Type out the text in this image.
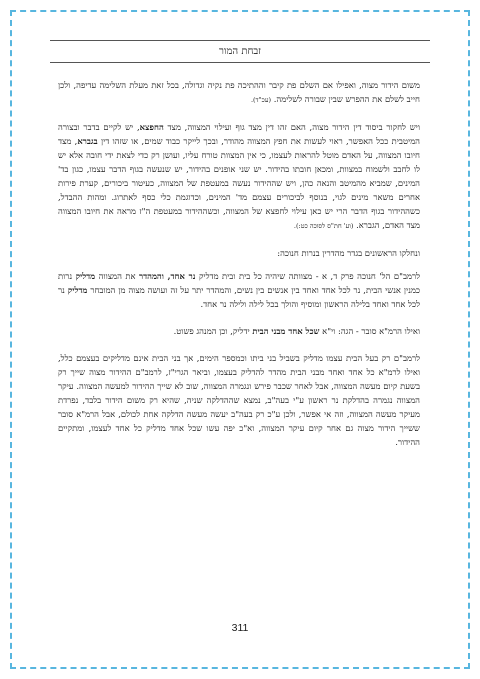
זבחת המור

משום הידור מצוה, ואפילו אם השלם פת קיבר וההתיכה פת נקיה וגדולה, בכל זאת מעלת השלימה עדיפה, ולכן חייב לשלם את ההפרש שבין שבורה לשלימה. (עכ"ד).

ויש לחקור ביסוד דין הידור מצוה, האם זהו דין מצד גוף ועילוי המצווה, מצד החפצא, יש לקיים בדבר ובצורה המיטבית ככל האפשר, ראוי לעשות את חפץ המצווה מהודר, ובכך לייקר כבוד שמים, או שזהו דין בגברא, מצד חיובו המצווה, על האדם מוטל להראות לעצמו, כי אין המצוות טורח עליו, ועושן רק כדי לצאת ידי חובה אלא יש לו לחבב ולשמוח במצוות, ומכאן חובתו בהידור. יש שני אופנים בהידור, יש שנעשה בגוף הדבר עצמו, כגון בד' המינים, שמביא מהמיטב והנאה כהן, ויש שההידור נעשה במעטפת של המצווה, כעיטור ביכורים, קערת פירות אחרים משאר מינים לגוי, בנוסף לביכורים עצמם מד' המינים, וכדוגמת כלי כסף לאתרוג. ומהות ההבדל, כשההידור בגוף הדבר הרי יש כאן עילוי לחפצא של המצווה, וכשההידור במעטפת ה"ז מראה את חיובו המצווה מצד האדם, הגברא. (וע' חת"ס לסוכה כט:).

ונחלקו הראשונים בגדר מהדרין בנרות חנוכה:

לרמב"ם הל' חנוכה פרק ד, א - מצוותה שיהיה כל בית ובית מדליק נר אחד, והמהדר את המצווה מדליק נרות כמנין אנשי הבית, נר לכל אחד ואחד בין אנשים בין נשים, והמהדר יתר על זה ועושה מצוה מן המובחר מדליק נר לכל אחד ואחד בלילה הראשון ומוסיף והולך בכל לילה ולילה נר אחד.

ואילו הרמ"א סובר - הגה: וי"א שכל אחד מבני הבית ידליק, וכן המנהג פשוט.

לרמב"ם רק בעל הבית עצמו מדליק בשביל בני ביתו וכמספר הימים, אך בני הבית אינם מדליקים בעצמם כלל, ואילו לרמ"א כל אחד ואחד מבני הבית מהדר להדליק בעצמו, וביאר הגרי"ז, לרמב"ם ההידור מצוה שייך רק בשעת קיום מעשה המצווה, אבל לאחר שכבר פירש ונגמרה המצווה, שוב לא שייך ההידור למעשה המצווה. עיקר המצווה נגמרה בהדלקת נר ראשון ע"י בעה"ב, נמצא שההדלקה שניה, שהיא רק משום הידור בלבד, נפרדת מעיקר מעשה המצווה, וזה אי אפשר, ולכן ע"כ רק בעה"ב יעשה מעשה הדלקה אחת לכולם, אבל הרמ"א סובר ששייך הידור מצוה גם אחר קיום עיקר המצווה, וא"כ יפה עשו שכל אחד מדליק כל אחד לעצמו, ומתקיים ההידור.

311
